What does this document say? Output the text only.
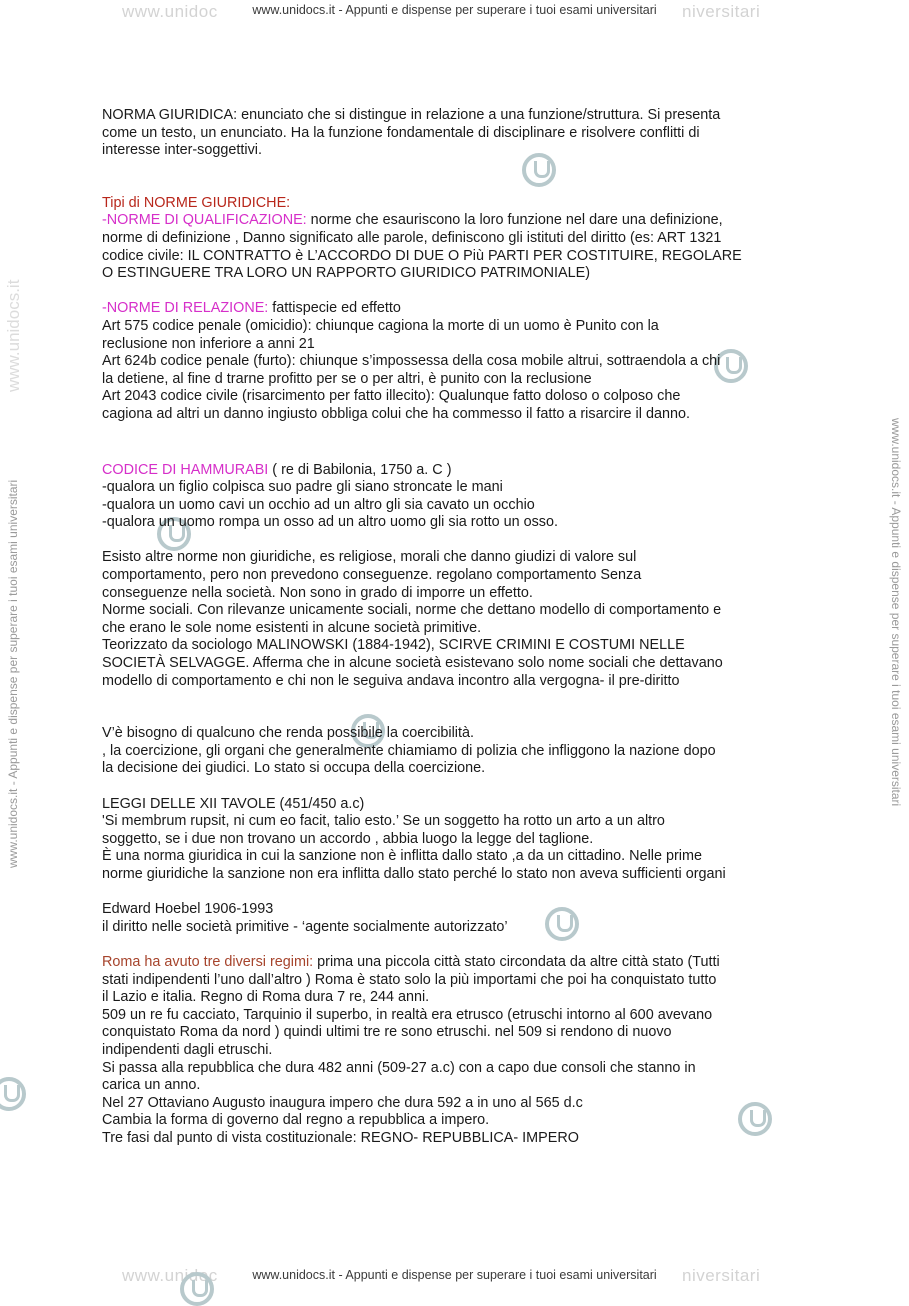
www.unidoc	niversitari
www.unidocs.it - Appunti e dispense per superare i tuoi esami universitari
www.unidoc	niversitari
www.unidocs.it - Appunti e dispense per superare i tuoi esami universitari
www.unidocs.it - Appunti e dispense per superare i tuoi esami universitari	www.unidocs.it - Appunti e dispense per superare i tuoi esami universitari
www.unidocs.it

NORMA GIURIDICA: enunciato che si distingue in relazione a una funzione/struttura. Si presenta

come un testo, un enunciato. Ha la funzione fondamentale di disciplinare e risolvere conflitti di

interesse inter-soggettivi.

Tipi di NORME GIURIDICHE:

-NORME DI QUALIFICAZIONE: norme che esauriscono la loro funzione nel dare una definizione,

norme di definizione , Danno significato alle parole, definiscono gli istituti del diritto (es: ART 1321

codice civile: IL CONTRATTO è L’ACCORDO DI DUE O Più PARTI PER COSTITUIRE, REGOLARE

O ESTINGUERE TRA LORO UN RAPPORTO GIURIDICO PATRIMONIALE)

-NORME DI RELAZIONE: fattispecie ed effetto

Art 575 codice penale (omicidio): chiunque cagiona la morte di un uomo è Punito con la

reclusione non inferiore a anni 21

Art 624b codice penale (furto): chiunque s’impossessa della cosa mobile altrui, sottraendola a chi

la detiene, al fine d trarne profitto per se o per altri, è punito con la reclusione

Art 2043 codice civile (risarcimento per fatto illecito): Qualunque fatto doloso o colposo che

cagiona ad altri un danno ingiusto obbliga colui che ha commesso il fatto a risarcire il danno.

CODICE DI HAMMURABI ( re di Babilonia, 1750 a. C )

-qualora un figlio colpisca suo padre gli siano stroncate le mani

-qualora un uomo cavi un occhio ad un altro gli sia cavato un occhio

-qualora un uomo rompa un osso ad un altro uomo gli sia rotto un osso.

Esisto altre norme non giuridiche, es religiose, morali che danno giudizi di valore sul

comportamento, pero non prevedono conseguenze. regolano comportamento Senza

conseguenze nella società. Non sono in grado di imporre un effetto.

Norme sociali. Con rilevanze unicamente sociali, norme che dettano modello di comportamento e

che erano le sole nome esistenti in alcune società primitive.

Teorizzato da sociologo MALINOWSKI (1884-1942), SCIRVE CRIMINI E COSTUMI NELLE

SOCIETÀ SELVAGGE. Afferma che in alcune società esistevano solo nome sociali che dettavano

modello di comportamento e chi non le seguiva andava incontro alla vergogna- il pre-diritto

V’è bisogno di qualcuno che renda possibile la coercibilità.

, la coercizione, gli organi che generalmente chiamiamo di polizia che infliggono la nazione dopo

la decisione dei giudici. Lo stato si occupa della coercizione.

LEGGI DELLE XII TAVOLE (451/450 a.c)

'Si membrum rupsit, ni cum eo facit, talio esto.’ Se un soggetto ha rotto un arto a un altro

soggetto, se i due non trovano un accordo , abbia luogo la legge del taglione.

È una norma giuridica in cui la sanzione non è inflitta dallo stato ,a da un cittadino. Nelle prime

norme giuridiche la sanzione non era inflitta dallo stato perché lo stato non aveva sufficienti organi

Edward Hoebel 1906-1993

il diritto nelle società primitive - ‘agente socialmente autorizzato’

Roma ha avuto tre diversi regimi: prima una piccola città stato circondata da altre città stato (Tutti

stati indipendenti l’uno dall’altro ) Roma è stato solo la più importami che poi ha conquistato tutto

il Lazio e italia. Regno di Roma dura 7 re, 244 anni.

509 un re fu cacciato, Tarquinio il superbo, in realtà era etrusco (etruschi intorno al 600 avevano

conquistato Roma da nord ) quindi ultimi tre re sono etruschi. nel 509 si rendono di nuovo

indipendenti dagli etruschi.

Si passa alla repubblica che dura 482 anni (509-27 a.c) con a capo due consoli che stanno in

carica un anno.

Nel 27 Ottaviano Augusto inaugura impero che dura 592 a in uno al 565 d.c

Cambia la forma di governo dal regno a repubblica a impero.

Tre fasi dal punto di vista costituzionale: REGNO- REPUBBLICA- IMPERO
